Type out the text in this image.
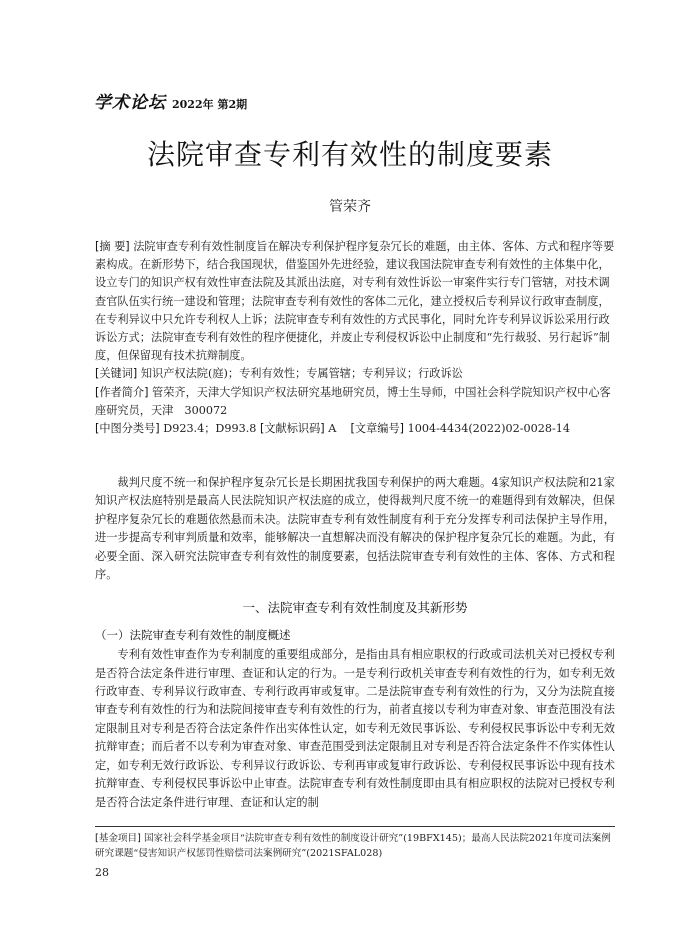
学术论坛 2022年 第2期
法院审查专利有效性的制度要素
管荣齐

[摘 要] 法院审查专利有效性制度旨在解决专利保护程序复杂冗长的难题，由主体、客体、方式和程序等要素构成。在新形势下，结合我国现状，借鉴国外先进经验，建议我国法院审查专利有效性的主体集中化，设立专门的知识产权有效性审查法院及其派出法庭，对专利有效性诉讼一审案件实行专门管辖，对技术调查官队伍实行统一建设和管理；法院审查专利有效性的客体二元化，建立授权后专利异议行政审查制度，在专利异议中只允许专利权人上诉；法院审查专利有效性的方式民事化，同时允许专利异议诉讼采用行政诉讼方式；法院审查专利有效性的程序便捷化，并废止专利侵权诉讼中止制度和“先行裁驳、另行起诉”制度，但保留现有技术抗辩制度。

[关键词] 知识产权法院(庭)；专利有效性；专属管辖；专利异议；行政诉讼

[作者简介] 管荣齐，天津大学知识产权法研究基地研究员，博士生导师，中国社会科学院知识产权中心客座研究员，天津　300072

[中图分类号] D923.4；D993.8 [文献标识码] A [文章编号] 1004-4434(2022)02-0028-14

裁判尺度不统一和保护程序复杂冗长是长期困扰我国专利保护的两大难题。4家知识产权法院和21家知识产权法庭特别是最高人民法院知识产权法庭的成立，使得裁判尺度不统一的难题得到有效解决，但保护程序复杂冗长的难题依然悬而未决。法院审查专利有效性制度有利于充分发挥专利司法保护主导作用，进一步提高专利审判质量和效率，能够解决一直想解决而没有解决的保护程序复杂冗长的难题。为此，有必要全面、深入研究法院审查专利有效性的制度要素，包括法院审查专利有效性的主体、客体、方式和程序。

一、法院审查专利有效性制度及其新形势
（一）法院审查专利有效性的制度概述

专利有效性审查作为专利制度的重要组成部分，是指由具有相应职权的行政或司法机关对已授权专利是否符合法定条件进行审理、查证和认定的行为。一是专利行政机关审查专利有效性的行为，如专利无效行政审查、专利异议行政审查、专利行政再审或复审。二是法院审查专利有效性的行为，又分为法院直接审查专利有效性的行为和法院间接审查专利有效性的行为，前者直接以专利为审查对象、审查范围没有法定限制且对专利是否符合法定条件作出实体性认定，如专利无效民事诉讼、专利侵权民事诉讼中专利无效抗辩审查；而后者不以专利为审查对象、审查范围受到法定限制且对专利是否符合法定条件不作实体性认定，如专利无效行政诉讼、专利异议行政诉讼、专利再审或复审行政诉讼、专利侵权民事诉讼中现有技术抗辩审查、专利侵权民事诉讼中止审查。法院审查专利有效性制度即由具有相应职权的法院对已授权专利是否符合法定条件进行审理、查证和认定的制

[基金项目] 国家社会科学基金项目“法院审查专利有效性的制度设计研究”(19BFX145)；最高人民法院2021年度司法案例研究课题“侵害知识产权惩罚性赔偿司法案例研究”(2021SFAL028)
28
